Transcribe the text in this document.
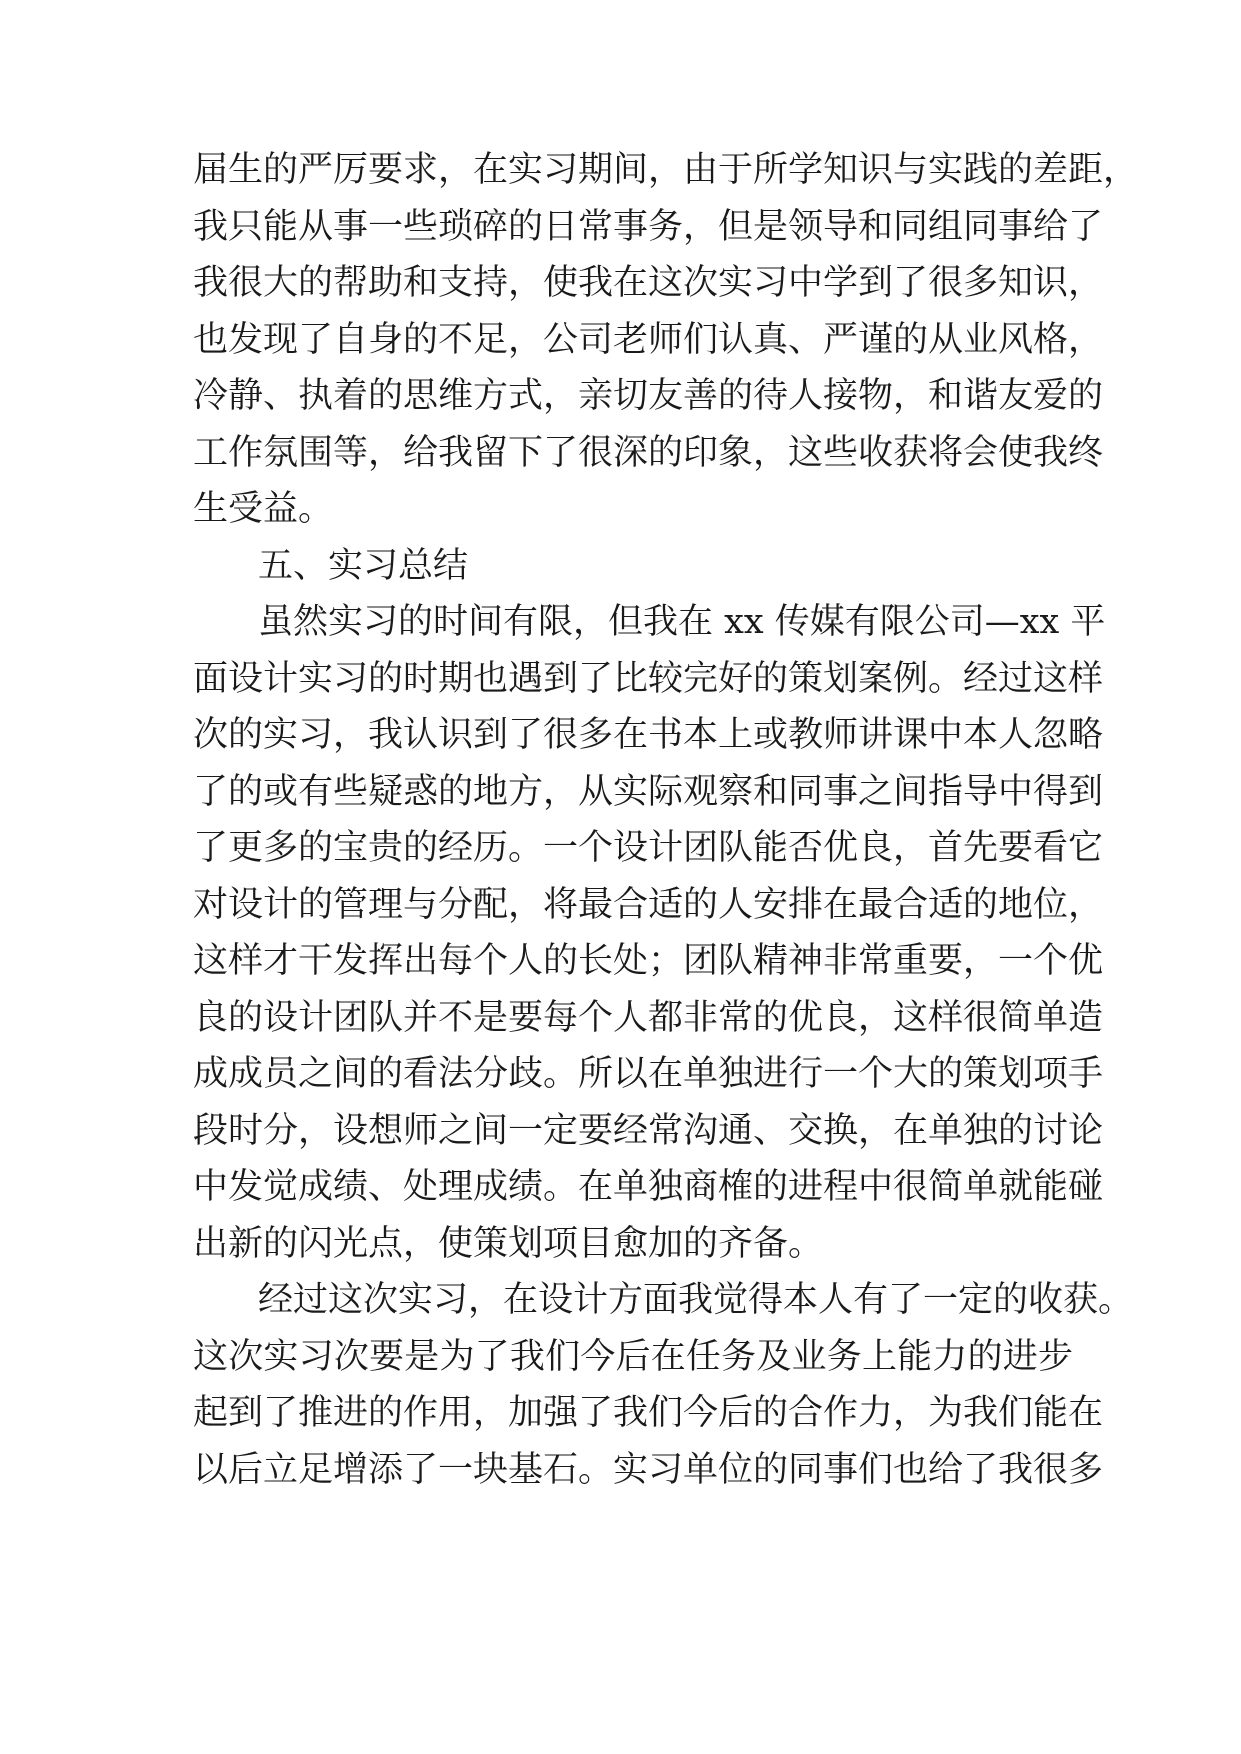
届生的严厉要求，在实习期间，由于所学知识与实践的差距，
我只能从事一些琐碎的日常事务，但是领导和同组同事给了
我很大的帮助和支持，使我在这次实习中学到了很多知识，
也发现了自身的不足，公司老师们认真、严谨的从业风格，
冷静、执着的思维方式，亲切友善的待人接物，和谐友爱的
工作氛围等，给我留下了很深的印象，这些收获将会使我终
生受益。
五、实习总结
虽然实习的时间有限，但我在 xx 传媒有限公司—xx 平
面设计实习的时期也遇到了比较完好的策划案例。经过这样
次的实习，我认识到了很多在书本上或教师讲课中本人忽略
了的或有些疑惑的地方，从实际观察和同事之间指导中得到
了更多的宝贵的经历。一个设计团队能否优良，首先要看它
对设计的管理与分配，将最合适的人安排在最合适的地位，
这样才干发挥出每个人的长处；团队精神非常重要，一个优
良的设计团队并不是要每个人都非常的优良，这样很简单造
成成员之间的看法分歧。所以在单独进行一个大的策划项手
段时分，设想师之间一定要经常沟通、交换，在单独的讨论
中发觉成绩、处理成绩。在单独商榷的进程中很简单就能碰
出新的闪光点，使策划项目愈加的齐备。
经过这次实习，在设计方面我觉得本人有了一定的收获。
这次实习次要是为了我们今后在任务及业务上能力的进步
起到了推进的作用，加强了我们今后的合作力，为我们能在
以后立足增添了一块基石。实习单位的同事们也给了我很多
